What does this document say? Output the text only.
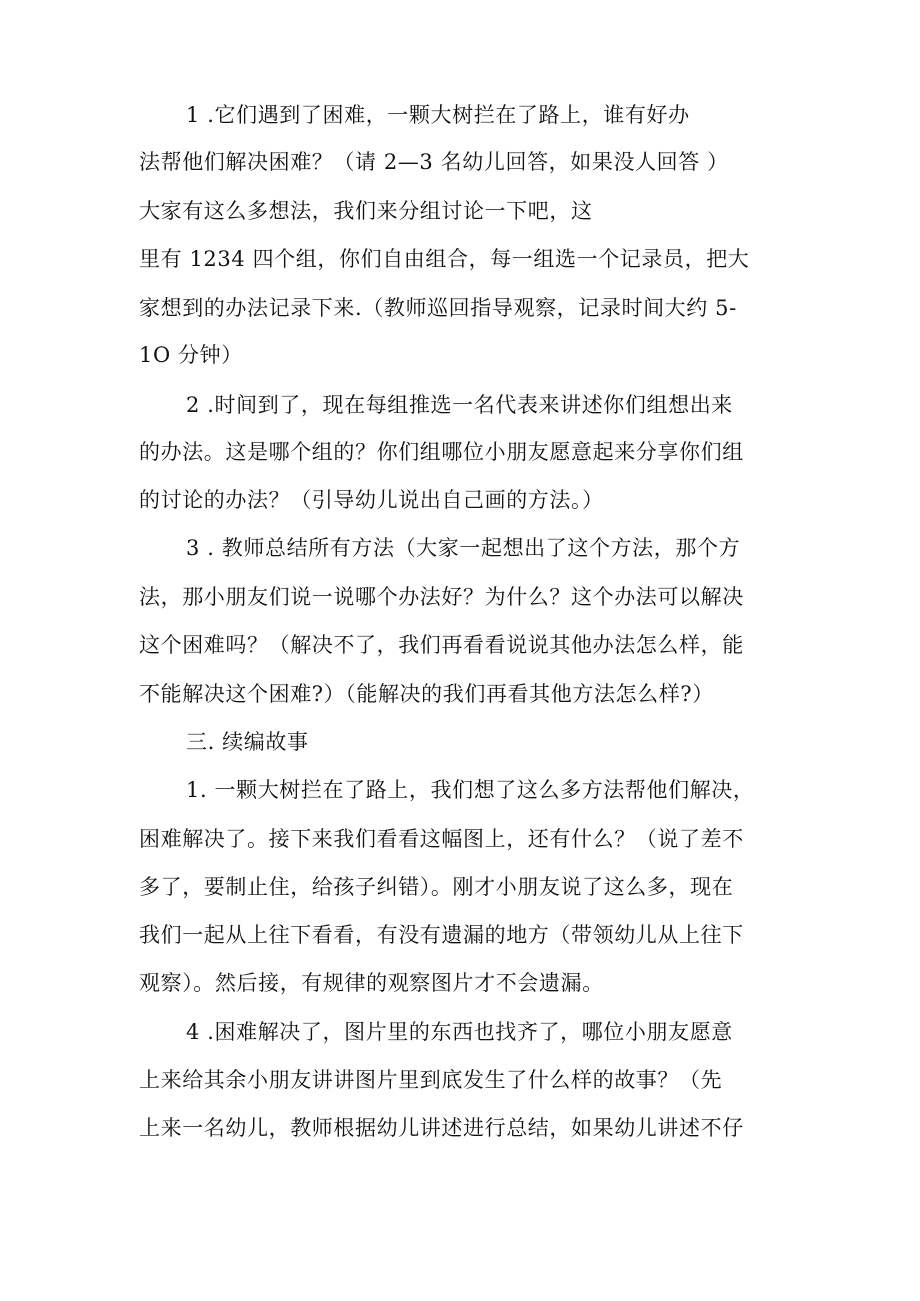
1 .它们遇到了困难，一颗大树拦在了路上，谁有好办
法帮他们解决困难？（请 2—3 名幼儿回答，如果没人回答 ）
大家有这么多想法，我们来分组讨论一下吧，这
里有 1234 四个组，你们自由组合，每一组选一个记录员，把大
家想到的办法记录下来.（教师巡回指导观察，记录时间大约 5-
1O 分钟）
2 .时间到了，现在每组推选一名代表来讲述你们组想出来
的办法。这是哪个组的？你们组哪位小朋友愿意起来分享你们组
的讨论的办法？（引导幼儿说出自己画的方法。）
3 . 教师总结所有方法（大家一起想出了这个方法，那个方
法，那小朋友们说一说哪个办法好？为什么？这个办法可以解决
这个困难吗？（解决不了，我们再看看说说其他办法怎么样，能
不能解决这个困难?）（能解决的我们再看其他方法怎么样?）
三. 续编故事
1. 一颗大树拦在了路上，我们想了这么多方法帮他们解决，
困难解决了。接下来我们看看这幅图上，还有什么？（说了差不
多了，要制止住，给孩子纠错）。刚才小朋友说了这么多，现在
我们一起从上往下看看，有没有遗漏的地方（带领幼儿从上往下
观察）。然后接，有规律的观察图片才不会遗漏。
4 .困难解决了，图片里的东西也找齐了，哪位小朋友愿意
上来给其余小朋友讲讲图片里到底发生了什么样的故事？（先
上来一名幼儿，教师根据幼儿讲述进行总结，如果幼儿讲述不仔
